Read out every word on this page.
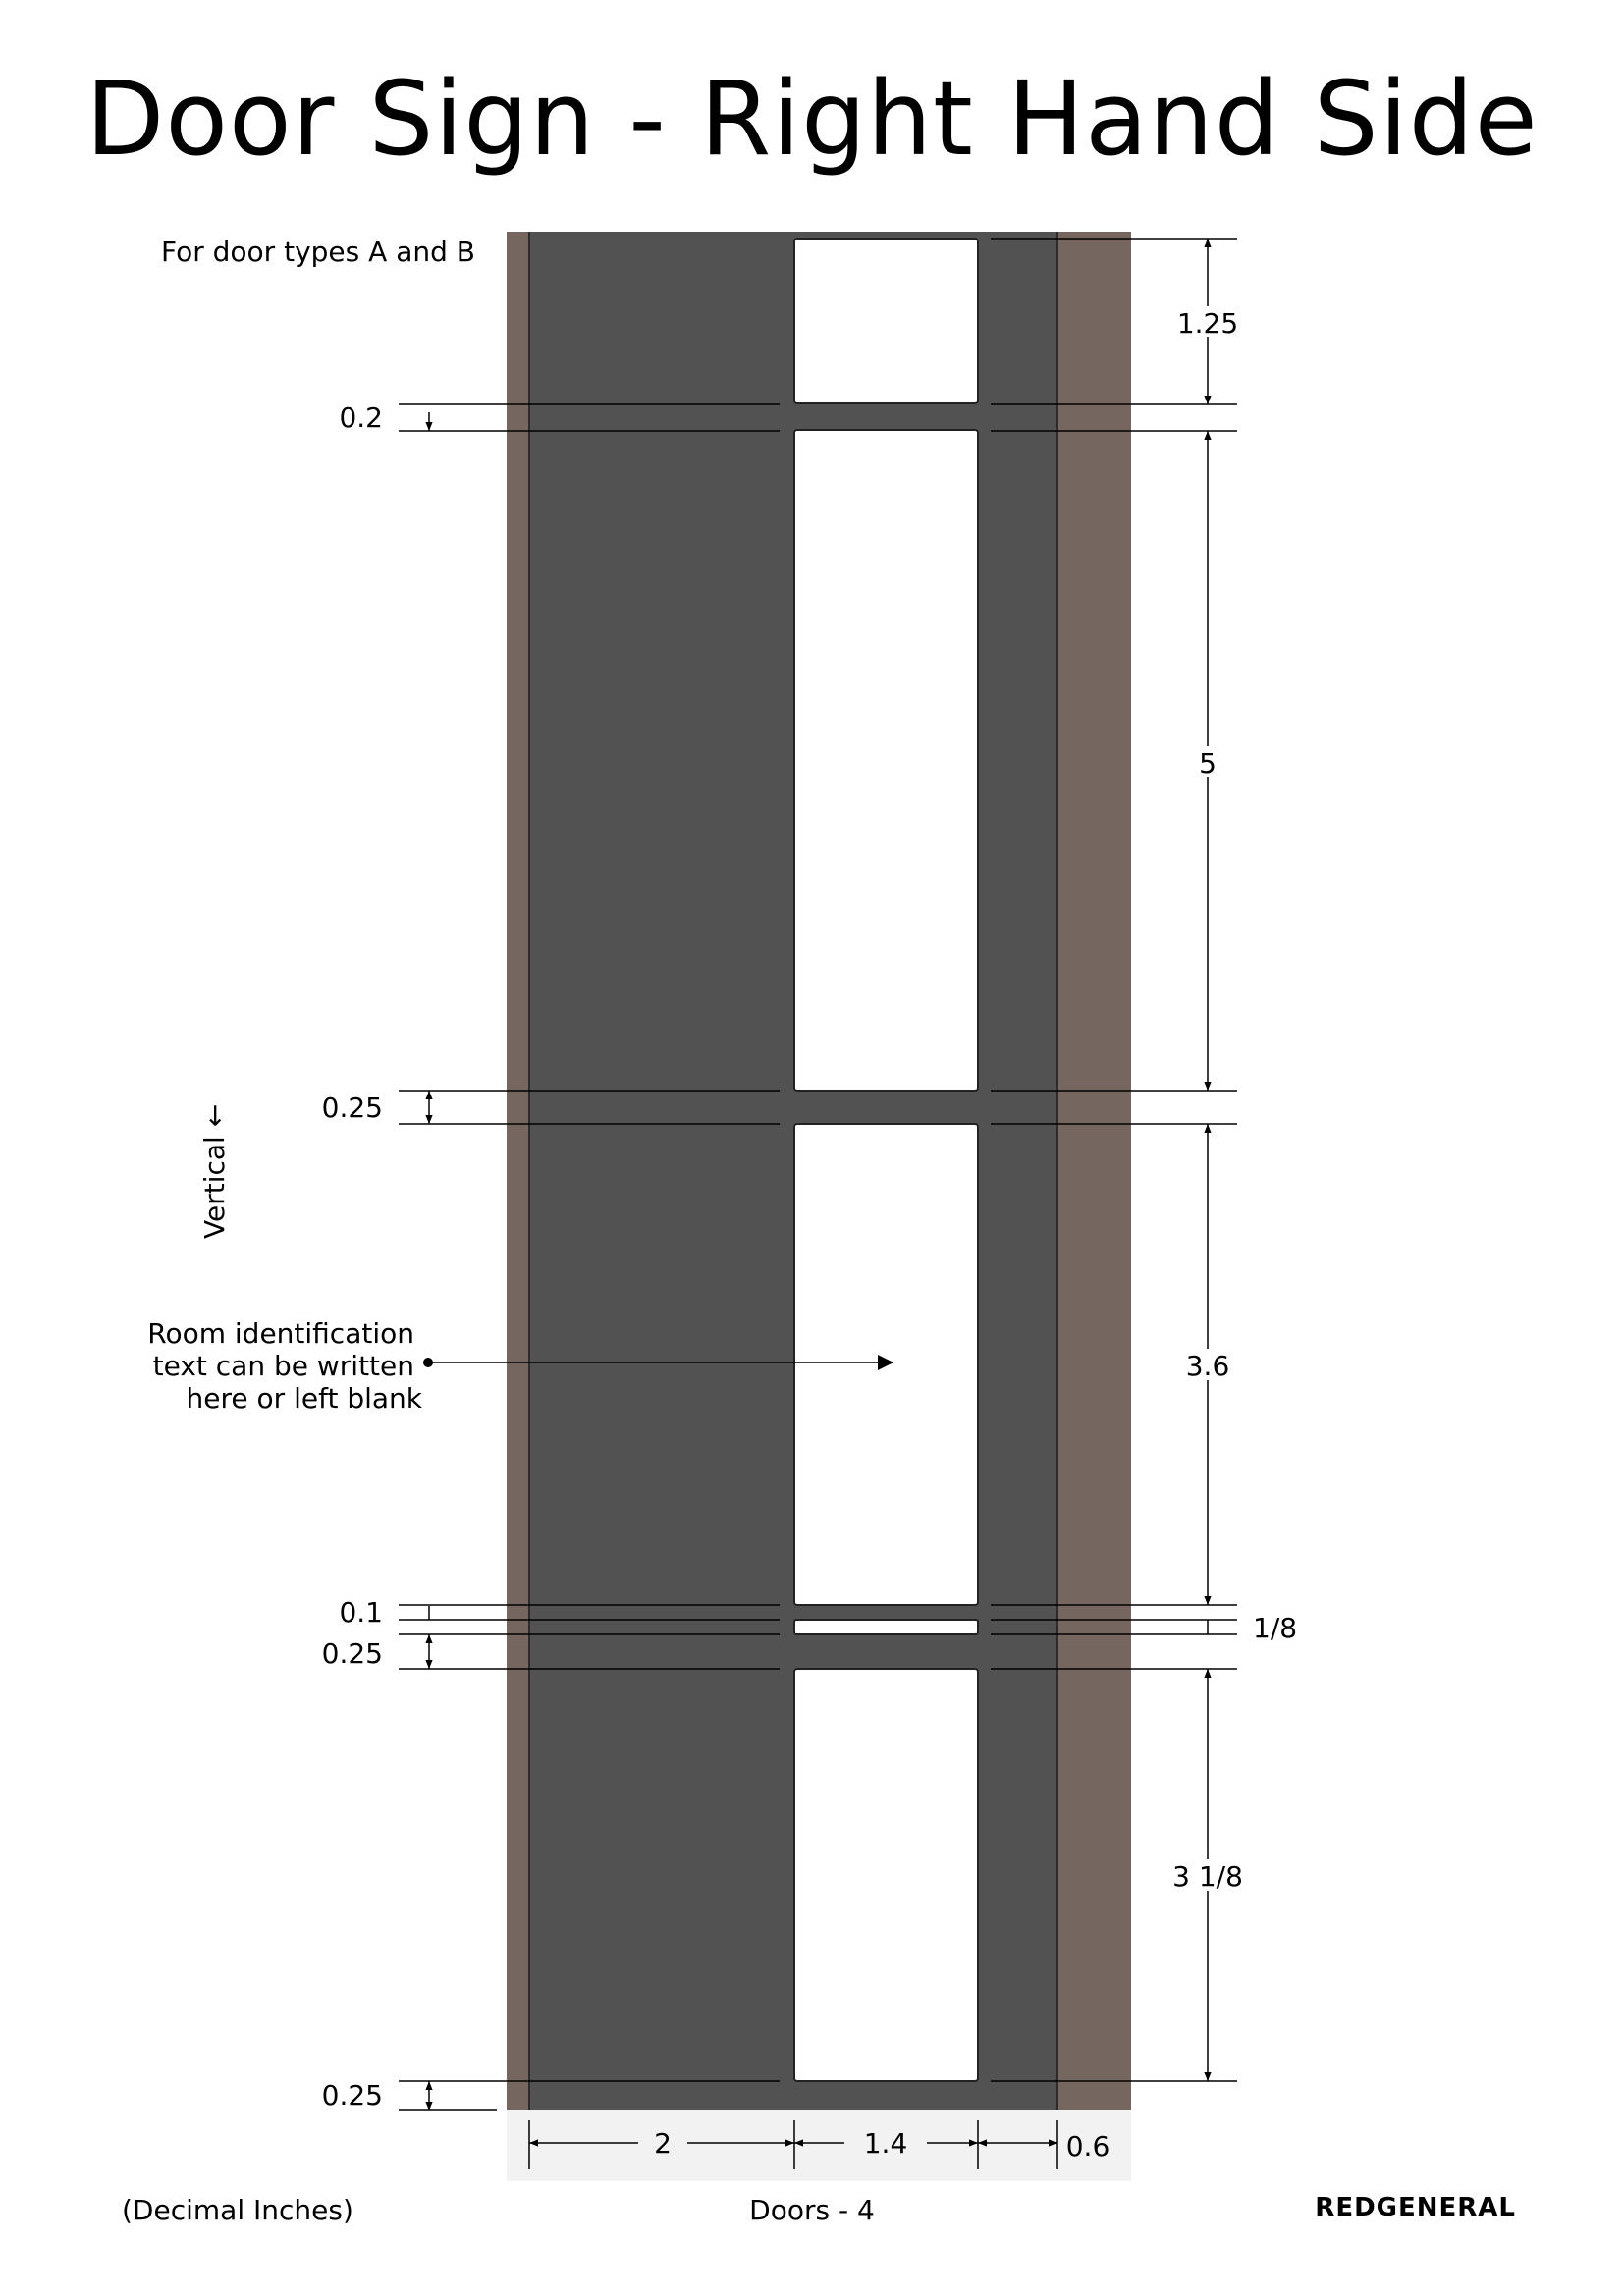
Door Sign - Right Hand Side
For door types A and B
0.2
0.25
0.1
0.25
0.25
1.25
5
3.6
1/8
3 1/8
2	1.4	0.6
Vertical ←
Room identification
text can be written
here or left blank
(Decimal Inches)	Doors - 4	REDGENERAL
